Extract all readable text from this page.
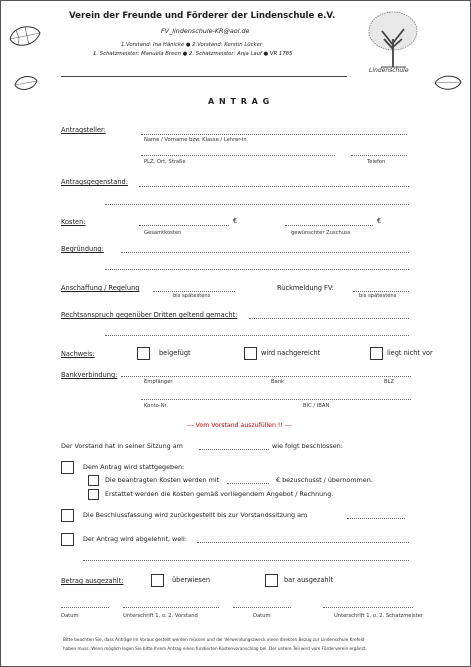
Lindenschule
Verein der Freunde und Förderer der Lindenschule e.V.
FV_lindenschule-KR@aol.de
1.Vorstand: Ina Hänicke ● 2.Vorstand: Kerstin Lücker
1. Schatzmeister: Manuela Breen ● 2. Schatzmeister: Anja Lauf ● VR 1785
A N T R A G
Antragsteller:
Name / Vorname bzw. Klasse / Lehrer-in
PLZ, Ort, Straße	Telefon
Antragsgegenstand:
Kosten:	€	€
Gesamtkosten	gewünschter Zuschuss
Begründung:
Anschaffung / Regelung
bis spätestens
Rückmeldung FV:
bis spätestens
Rechtsanspruch gegenüber Dritten geltend gemacht:
Nachweis:	beigefügt	wird nachgereicht	liegt nicht vor
Bankverbindung:
Empfänger	Bank	BLZ
Konto-Nr.	BIC / IBAN
--- Vom Vorstand auszufüllen !! ---
Der Vorstand hat in seiner Sitzung am	wie folgt beschlossen:
Dem Antrag wird stattgegeben:
Die beantragten Kosten werden mit	€ bezuschusst / übernommen.
Erstattet werden die Kosten gemäß vorliegendem Angebot / Rechnung.
Die Beschlussfassung wird zurückgestellt bis zur Vorstandssitzung am
Der Antrag wird abgelehnt, weil:
Betrag ausgezahlt:	überwiesen	bar ausgezahlt
Datum	Unterschrift 1. o. 2. Vorstand	Datum	Unterschrift 1. o. 2. Schatzmeister
Bitte beachten Sie, dass Anträge im Voraus gestellt werden müssen und der Verwendungszweck einen direkten Bezug zur Lindenschule Krefeld
haben muss. Wenn möglich legen Sie bitte Ihrem Antrag einen fundierten Kostenvoranschlag bei. Der untere Teil wird vom Förderverein ergänzt.
